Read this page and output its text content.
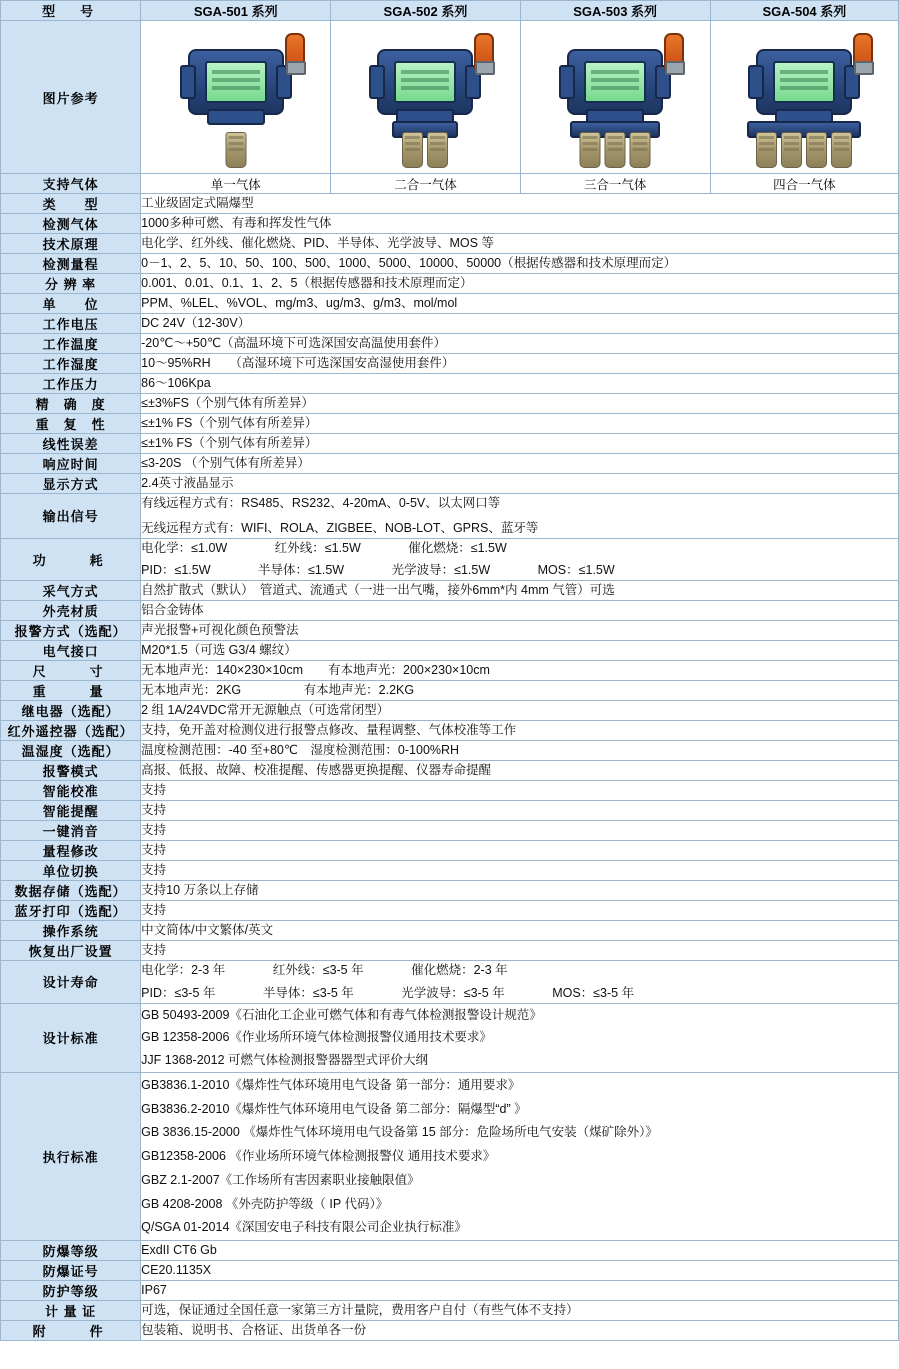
型　号	SGA-501 系列	SGA-502 系列	SGA-503 系列	SGA-504 系列
图片参考	

支持气体	单一气体	二合一气体	三合一气体	四合一气体
类　　型	工业级固定式隔爆型			
检测气体	1000多种可燃、有毒和挥发性气体			
技术原理	电化学、红外线、催化燃烧、PID、半导体、光学波导、MOS 等			
检测量程	0－1、2、5、10、50、100、500、1000、5000、10000、50000（根据传感器和技术原理而定）			
分 辨 率	0.001、0.01、0.1、1、2、5（根据传感器和技术原理而定）			
单　　位	PPM、%LEL、%VOL、mg/m3、ug/m3、g/m3、mol/mol			
工作电压	DC 24V（12-30V）			
工作温度	-20℃～+50℃（高温环境下可选深国安高温使用套件）			
工作湿度	10～95%RH　　（高湿环境下可选深国安高湿使用套件）			
工作压力	86～106Kpa			
精　确　度	≤±3%FS（个别气体有所差异）			
重　复　性	≤±1% FS（个别气体有所差异）			
线性误差	≤±1% FS（个别气体有所差异）			
响应时间	≤3-20S （个别气体有所差异）			
显示方式	2.4英寸液晶显示			
输出信号	有线远程方式有：RS485、RS232、4-20mA、0-5V、以太网口等
无线远程方式有：WIFI、ROLA、ZIGBEE、NOB-LOT、GPRS、蓝牙等			

功　　耗	电化学：≤1.0W 红外线：≤1.5W 催化燃烧：≤1.5W
PID：≤1.5W 半导体：≤1.5W 光学波导：≤1.5W MOS：≤1.5W			

采气方式	自然扩散式（默认）　管道式、流通式（一进一出气嘴，接外6mm*内 4mm 气管）可选			
外壳材质	铝合金铸体			
报警方式（选配）	声光报警+可视化颜色预警法			
电气接口	M20*1.5（可选 G3/4 螺纹）			
尺　　寸	无本地声光：140×230×10cm　　有本地声光：200×230×10cm			
重　　量	无本地声光：2KG　　　　　有本地声光：2.2KG			
继电器（选配）	2 组 1A/24VDC常开无源触点（可选常闭型）			
红外遥控器（选配）	支持，免开盖对检测仪进行报警点修改、量程调整、气体校准等工作			
温湿度（选配）	温度检测范围：-40 至+80℃　湿度检测范围：0-100%RH			
报警模式	高报、低报、故障、校准提醒、传感器更换提醒、仪器寿命提醒			
智能校准	支持			
智能提醒	支持			
一键消音	支持			
量程修改	支持			
单位切换	支持			
数据存储（选配）	支持10 万条以上存储			
蓝牙打印（选配）	支持			
操作系统	中文简体/中文繁体/英文			
恢复出厂设置	支持			
设计寿命	电化学：2-3 年 红外线：≤3-5 年 催化燃烧：2-3 年
PID：≤3-5 年 半导体：≤3-5 年 光学波导：≤3-5 年 MOS：≤3-5 年			

设计标准	GB 50493-2009《石油化工企业可燃气体和有毒气体检测报警设计规范》
GB 12358-2006《作业场所环境气体检测报警仪通用技术要求》
JJF 1368-2012 可燃气体检测报警器器型式评价大纲			

执行标准	
GB3836.1-2010《爆炸性气体环境用电气设备 第一部分：通用要求》
GB3836.2-2010《爆炸性气体环境用电气设备 第二部分：隔爆型“d” 》
GB 3836.15-2000 《爆炸性气体环境用电气设备第 15 部分：危险场所电气安装（煤矿除外）》
GB12358-2006 《作业场所环境气体检测报警仪 通用技术要求》
GBZ 2.1-2007《工作场所有害因素职业接触限值》
GB 4208-2008 《外壳防护等级（ IP 代码）》
Q/SGA 01-2014《深国安电子科技有限公司企业执行标准》

防爆等级	ExdII CT6 Gb			
防爆证号	CE20.1135X			
防护等级	IP67			
计 量 证	可选，保证通过全国任意一家第三方计量院，费用客户自付（有些气体不支持）			
附　　件	包装箱、说明书、合格证、出货单各一份			
